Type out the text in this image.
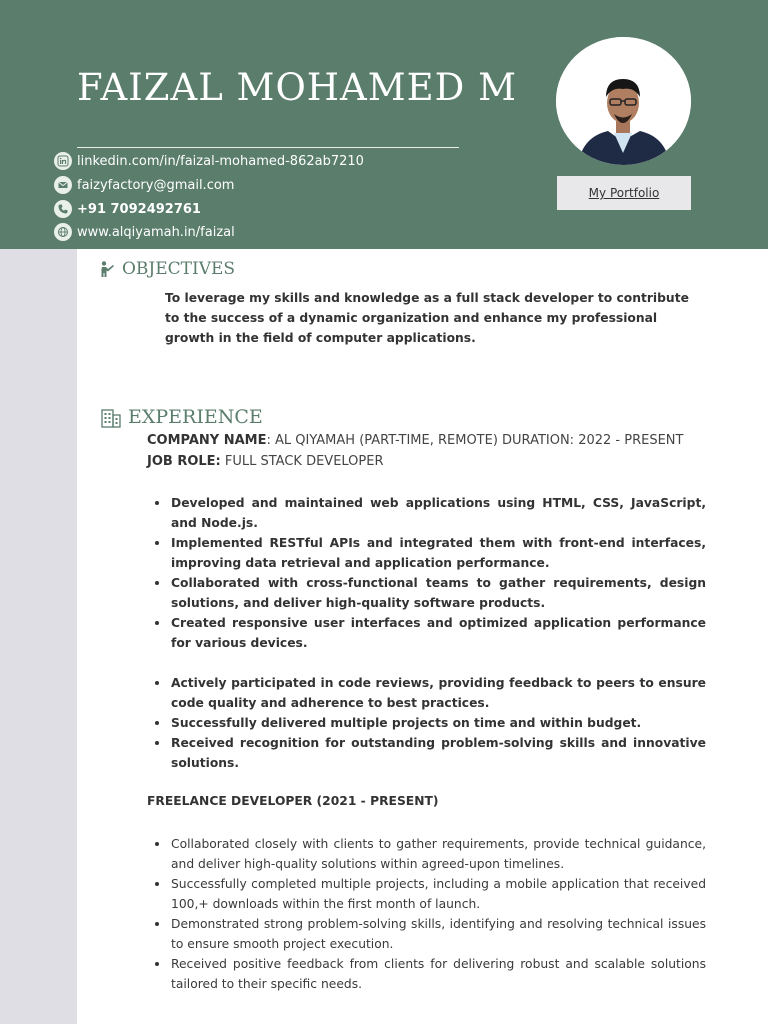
FAIZAL MOHAMED M
linkedin.com/in/faizal-mohamed-862ab7210
faizyfactory@gmail.com
+91 7092492761
www.alqiyamah.in/faizal
My Portfolio
OBJECTIVES

To leverage my skills and knowledge as a full stack developer to contribute to the success of a dynamic organization and enhance my professional growth in the field of computer applications.

EXPERIENCE

COMPANY NAME: AL QIYAMAH (PART-TIME, REMOTE) DURATION: 2022 - PRESENT

JOB ROLE: FULL STACK DEVELOPER

Developed and maintained web applications using HTML, CSS, JavaScript, and Node.js.
Implemented RESTful APIs and integrated them with front-end interfaces, improving data retrieval and application performance.
Collaborated with cross-functional teams to gather requirements, design solutions, and deliver high-quality software products.
Created responsive user interfaces and optimized application performance for various devices.
Actively participated in code reviews, providing feedback to peers to ensure code quality and adherence to best practices.
Successfully delivered multiple projects on time and within budget.
Received recognition for outstanding problem-solving skills and innovative solutions.

FREELANCE DEVELOPER (2021 - PRESENT)

Collaborated closely with clients to gather requirements, provide technical guidance, and deliver high-quality solutions within agreed-upon timelines.
Successfully completed multiple projects, including a mobile application that received 100,+ downloads within the first month of launch.
Demonstrated strong problem-solving skills, identifying and resolving technical issues to ensure smooth project execution.
Received positive feedback from clients for delivering robust and scalable solutions tailored to their specific needs.
